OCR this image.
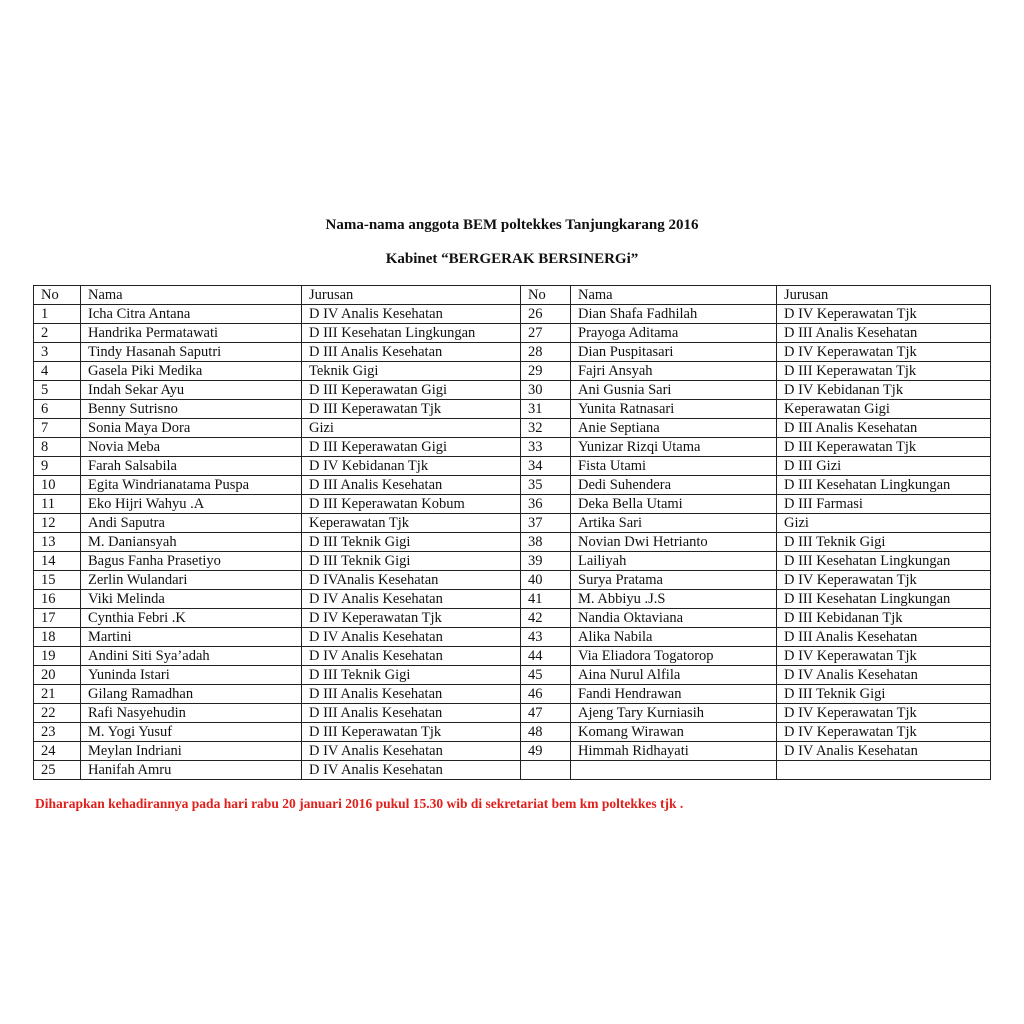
Nama-nama anggota BEM poltekkes Tanjungkarang 2016
Kabinet “BERGERAK BERSINERGi”
No	Nama	Jurusan	No	Nama	Jurusan
1	Icha Citra Antana	D IV Analis Kesehatan	26	Dian Shafa Fadhilah	D IV Keperawatan Tjk
2	Handrika Permatawati	D III Kesehatan Lingkungan	27	Prayoga Aditama	D III Analis Kesehatan
3	Tindy Hasanah Saputri	D III Analis Kesehatan	28	Dian Puspitasari	D IV Keperawatan Tjk
4	Gasela Piki Medika	Teknik Gigi	29	Fajri Ansyah	D III Keperawatan Tjk
5	Indah Sekar Ayu	D III Keperawatan Gigi	30	Ani Gusnia Sari	D IV Kebidanan Tjk
6	Benny Sutrisno	D III Keperawatan Tjk	31	Yunita Ratnasari	Keperawatan Gigi
7	Sonia Maya Dora	Gizi	32	Anie Septiana	D III Analis Kesehatan
8	Novia Meba	D III Keperawatan Gigi	33	Yunizar Rizqi Utama	D III Keperawatan Tjk
9	Farah Salsabila	D IV Kebidanan Tjk	34	Fista Utami	D III Gizi
10	Egita Windrianatama Puspa	D III Analis Kesehatan	35	Dedi Suhendera	D III Kesehatan Lingkungan
11	Eko Hijri Wahyu .A	D III Keperawatan Kobum	36	Deka Bella Utami	D III Farmasi
12	Andi Saputra	Keperawatan Tjk	37	Artika Sari	Gizi
13	M. Daniansyah	D III Teknik Gigi	38	Novian Dwi Hetrianto	D III Teknik Gigi
14	Bagus Fanha Prasetiyo	D III Teknik Gigi	39	Lailiyah	D III Kesehatan Lingkungan
15	Zerlin Wulandari	D IVAnalis Kesehatan	40	Surya Pratama	D IV Keperawatan Tjk
16	Viki Melinda	D IV Analis Kesehatan	41	M. Abbiyu .J.S	D III Kesehatan Lingkungan
17	Cynthia Febri .K	D IV Keperawatan Tjk	42	Nandia Oktaviana	D III Kebidanan Tjk
18	Martini	D IV Analis Kesehatan	43	Alika Nabila	D III Analis Kesehatan
19	Andini Siti Sya’adah	D IV Analis Kesehatan	44	Via Eliadora Togatorop	D IV Keperawatan Tjk
20	Yuninda Istari	D III Teknik Gigi	45	Aina Nurul Alfila	D IV Analis Kesehatan
21	Gilang Ramadhan	D III Analis Kesehatan	46	Fandi Hendrawan	D III Teknik Gigi
22	Rafi Nasyehudin	D III Analis Kesehatan	47	Ajeng Tary Kurniasih	D IV Keperawatan Tjk
23	M. Yogi Yusuf	D III Keperawatan Tjk	48	Komang Wirawan	D IV Keperawatan Tjk
24	Meylan Indriani	D IV Analis Kesehatan	49	Himmah Ridhayati	D IV Analis Kesehatan
25	Hanifah Amru	D IV Analis Kesehatan			
Diharapkan kehadirannya pada hari rabu 20 januari 2016 pukul 15.30 wib di sekretariat bem km poltekkes tjk .
